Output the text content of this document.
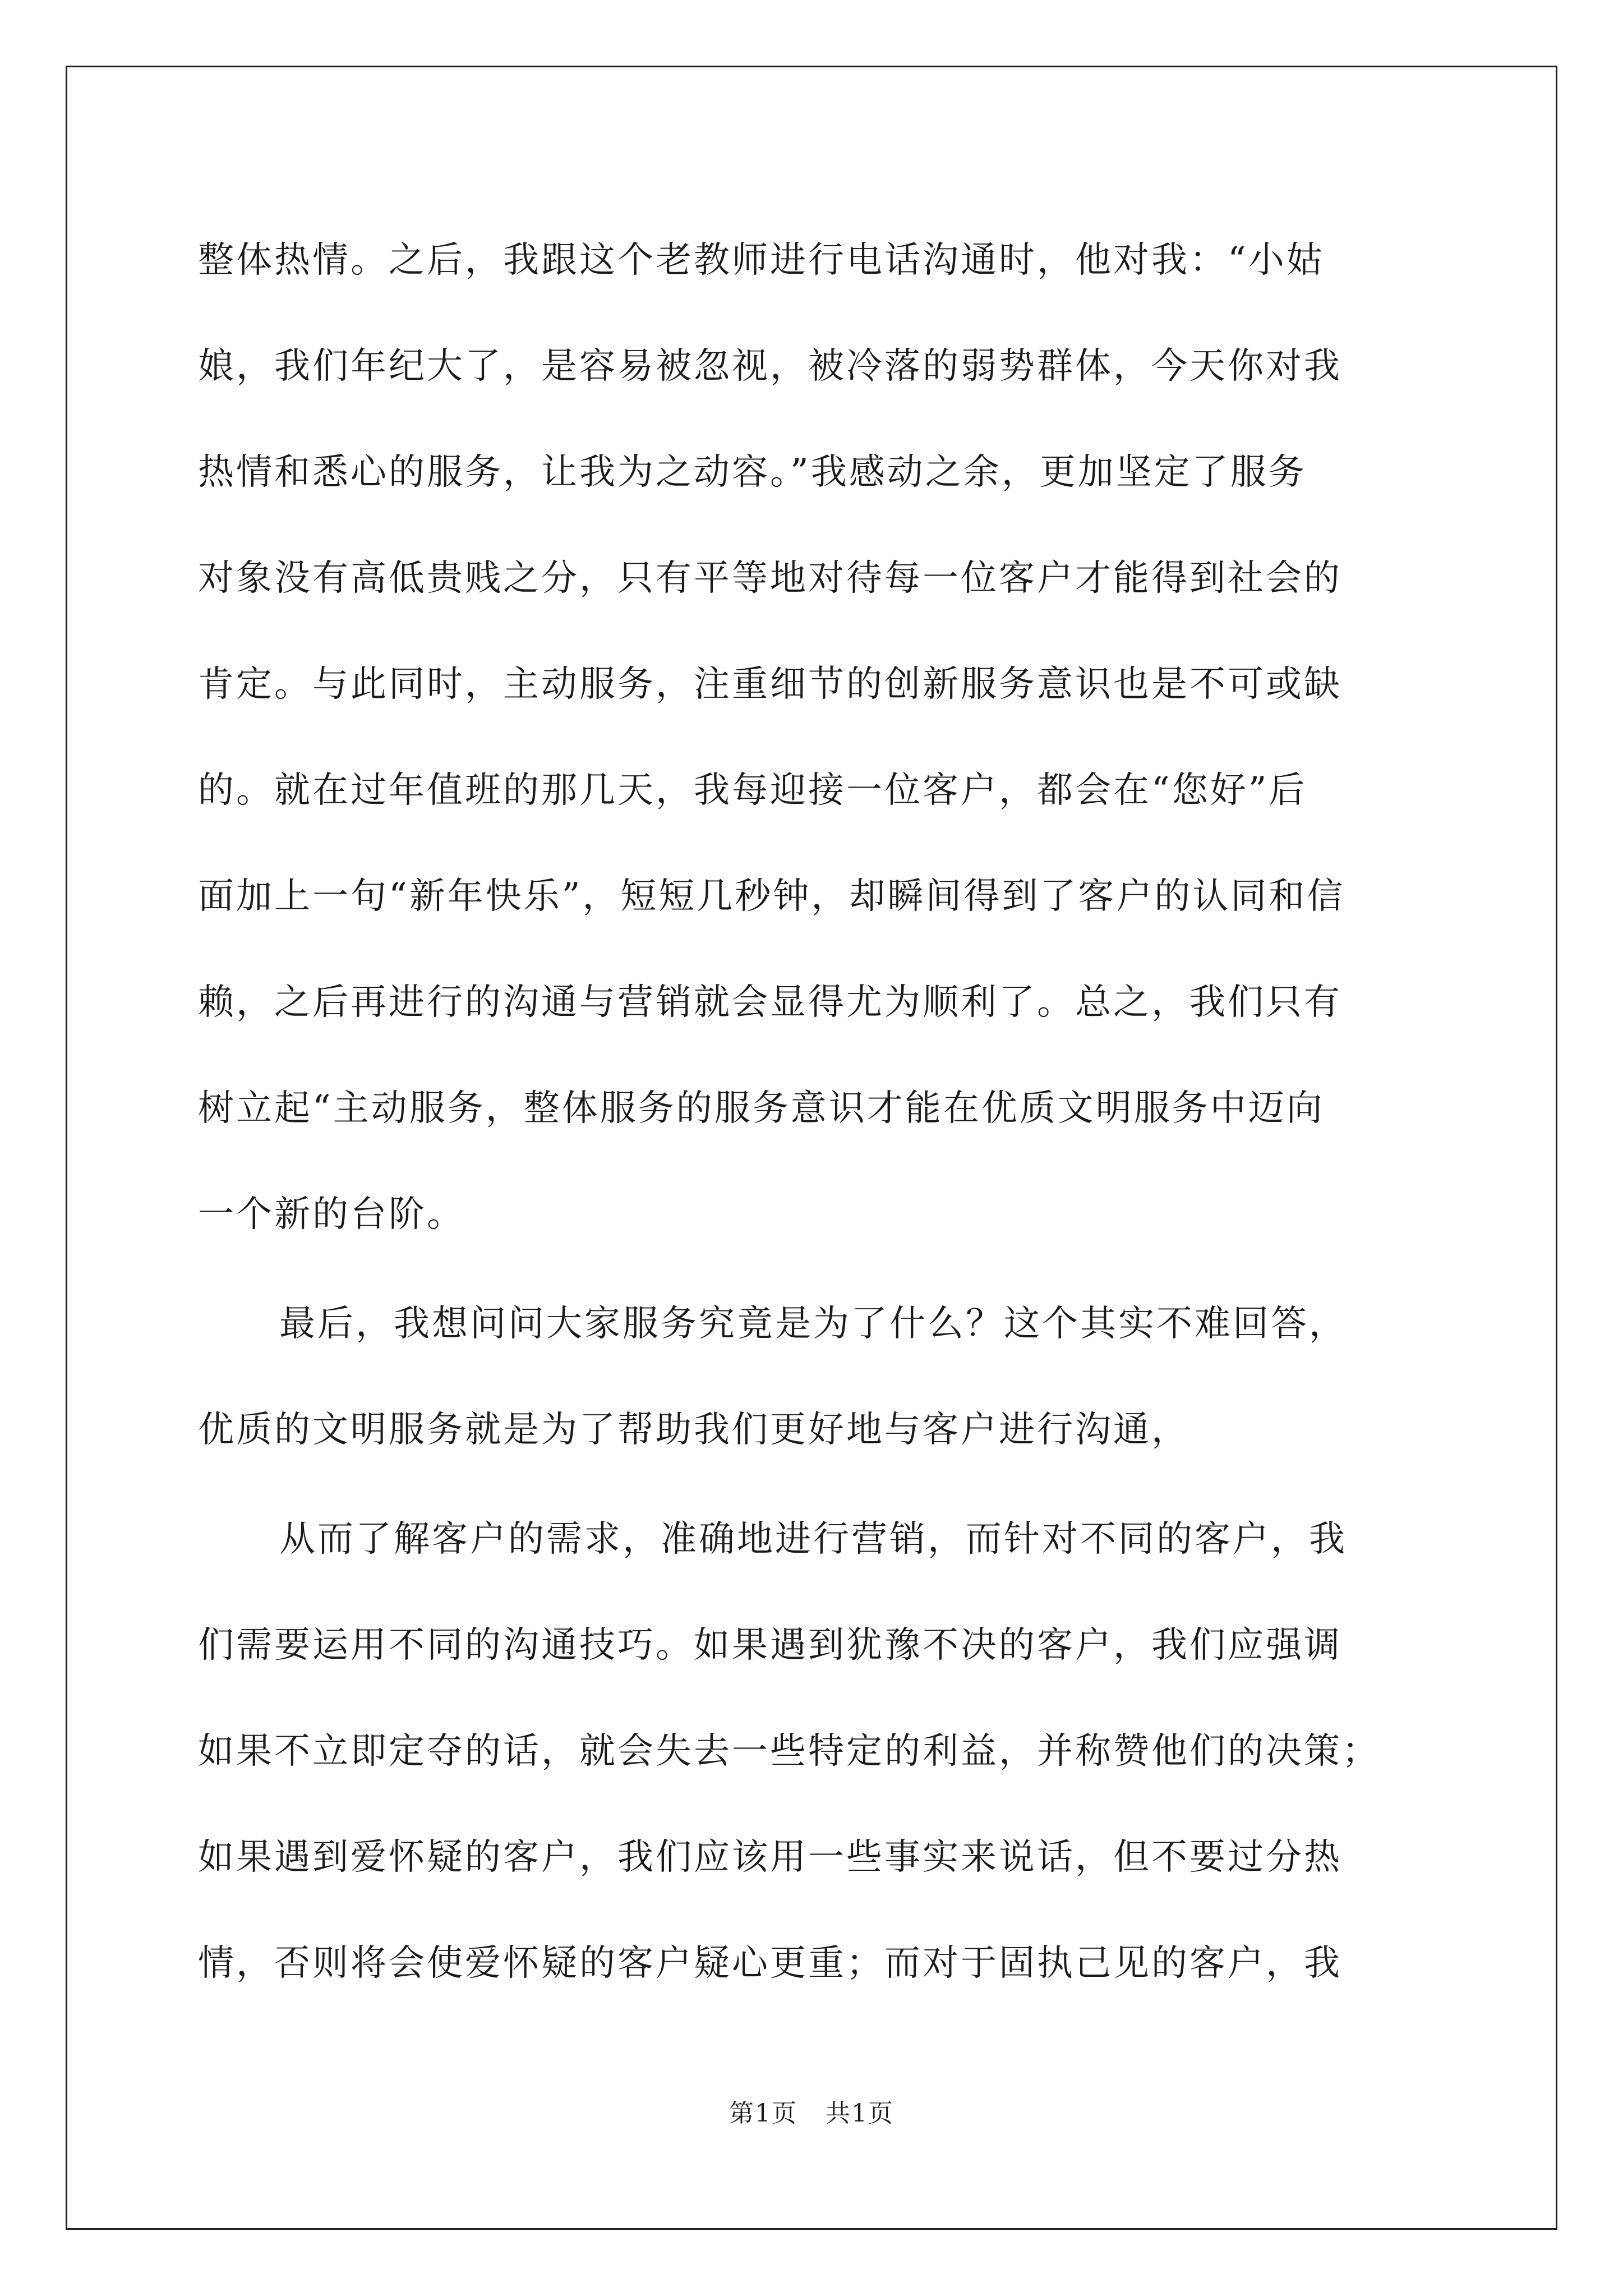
整体热情。之后，我跟这个老教师进行电话沟通时，他对我：“小姑
娘，我们年纪大了，是容易被忽视，被冷落的弱势群体，今天你对我
热情和悉心的服务，让我为之动容。”我感动之余，更加坚定了服务
对象没有高低贵贱之分，只有平等地对待每一位客户才能得到社会的
肯定。与此同时，主动服务，注重细节的创新服务意识也是不可或缺
的。就在过年值班的那几天，我每迎接一位客户，都会在“您好”后
面加上一句“新年快乐”，短短几秒钟，却瞬间得到了客户的认同和信
赖，之后再进行的沟通与营销就会显得尤为顺利了。总之，我们只有
树立起“主动服务，整体服务的服务意识才能在优质文明服务中迈向
一个新的台阶。
最后，我想问问大家服务究竟是为了什么？这个其实不难回答，
优质的文明服务就是为了帮助我们更好地与客户进行沟通，
从而了解客户的需求，准确地进行营销，而针对不同的客户，我
们需要运用不同的沟通技巧。如果遇到犹豫不决的客户，我们应强调
如果不立即定夺的话，就会失去一些特定的利益，并称赞他们的决策；
如果遇到爱怀疑的客户，我们应该用一些事实来说话，但不要过分热
情，否则将会使爱怀疑的客户疑心更重；而对于固执己见的客户，我
第1页 共1页
